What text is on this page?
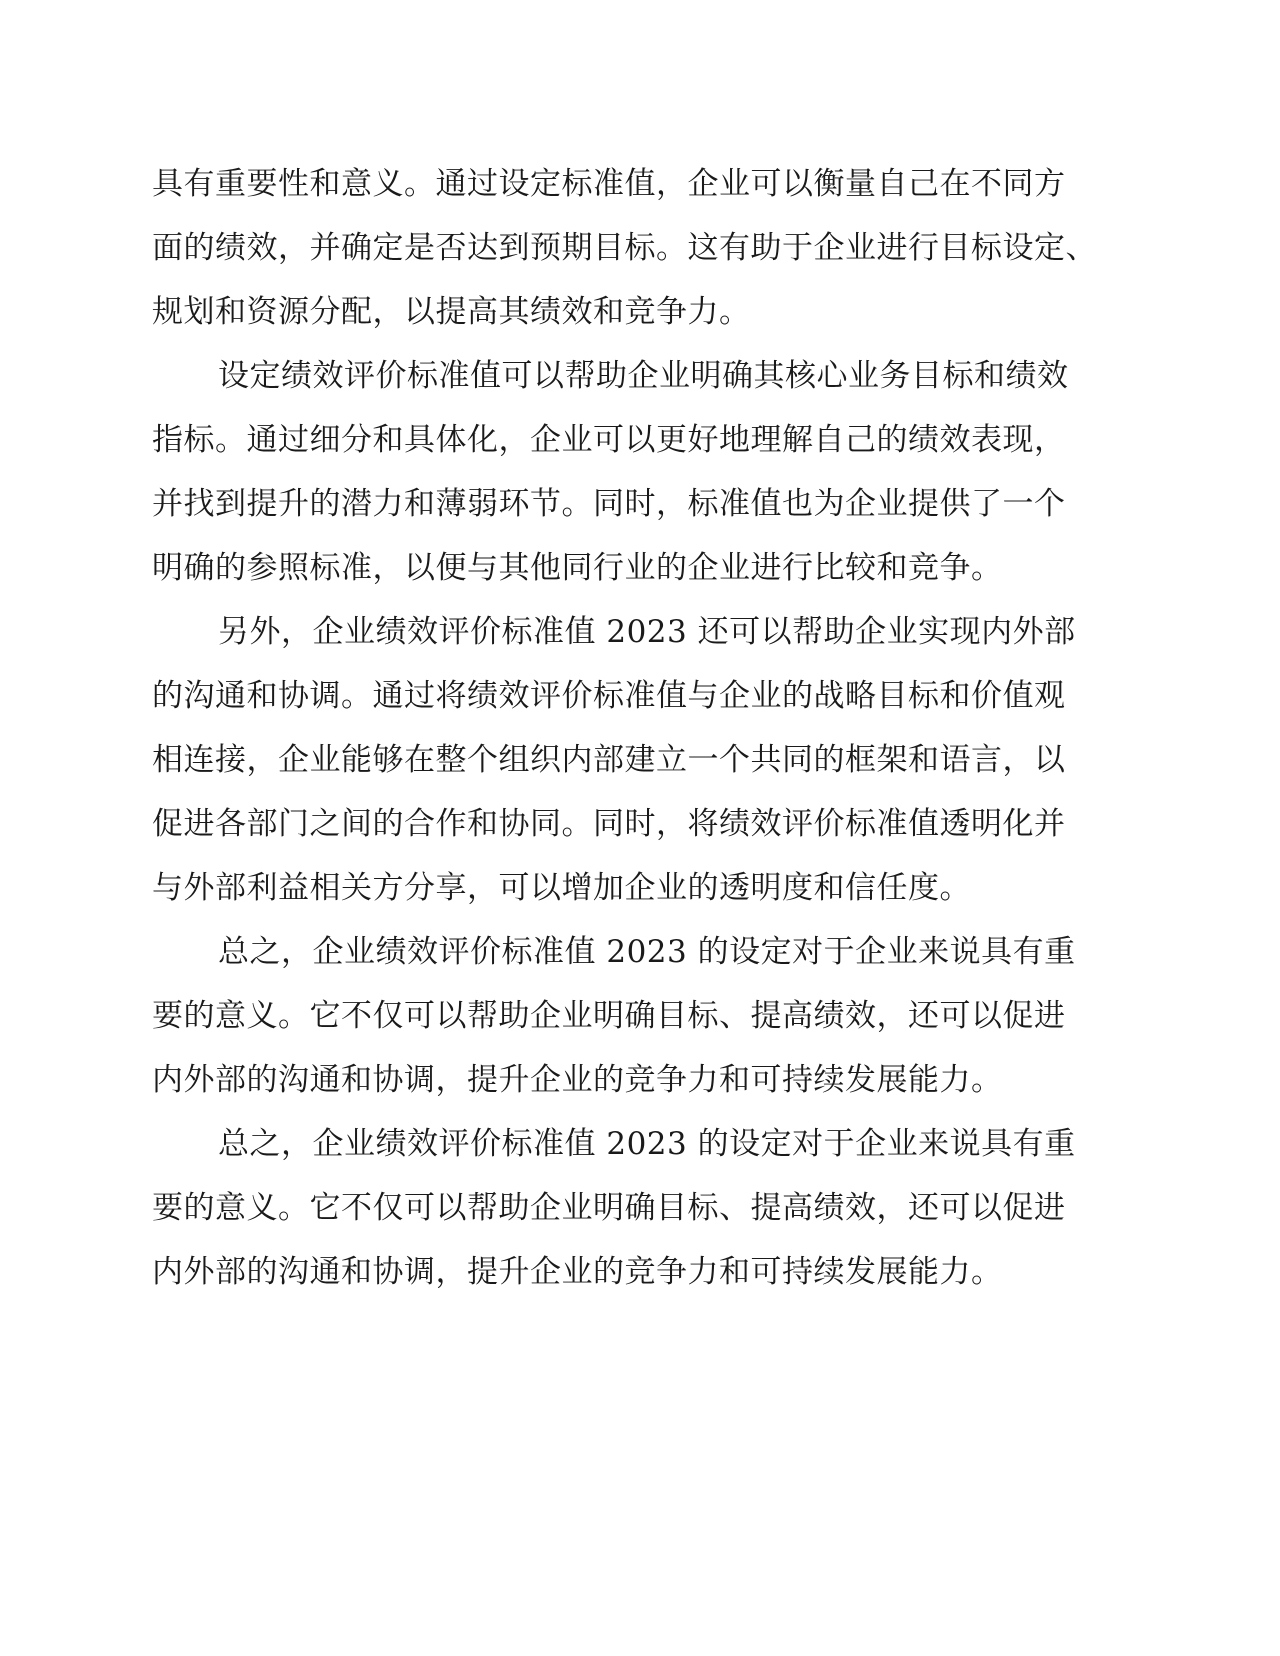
具有重要性和意义。通过设定标准值，企业可以衡量自己在不同方
面的绩效，并确定是否达到预期目标。这有助于企业进行目标设定、
规划和资源分配，以提高其绩效和竞争力。
设定绩效评价标准值可以帮助企业明确其核心业务目标和绩效
指标。通过细分和具体化，企业可以更好地理解自己的绩效表现，
并找到提升的潜力和薄弱环节。同时，标准值也为企业提供了一个
明确的参照标准，以便与其他同行业的企业进行比较和竞争。
另外，企业绩效评价标准值 2023 还可以帮助企业实现内外部
的沟通和协调。通过将绩效评价标准值与企业的战略目标和价值观
相连接，企业能够在整个组织内部建立一个共同的框架和语言，以
促进各部门之间的合作和协同。同时，将绩效评价标准值透明化并
与外部利益相关方分享，可以增加企业的透明度和信任度。
总之，企业绩效评价标准值 2023 的设定对于企业来说具有重
要的意义。它不仅可以帮助企业明确目标、提高绩效，还可以促进
内外部的沟通和协调，提升企业的竞争力和可持续发展能力。
总之，企业绩效评价标准值 2023 的设定对于企业来说具有重
要的意义。它不仅可以帮助企业明确目标、提高绩效，还可以促进
内外部的沟通和协调，提升企业的竞争力和可持续发展能力。
